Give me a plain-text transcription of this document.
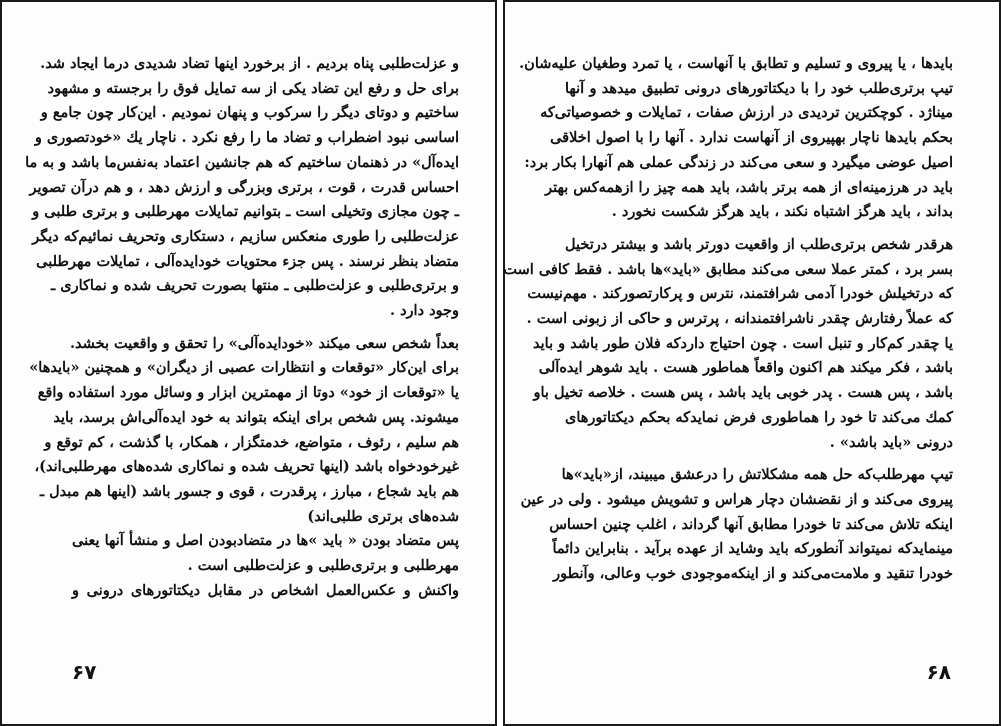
و عزلت‌طلبی پناه بردیم . از برخورد اینها تضاد شدیدی درما ایجاد شد.
برای حل و رفع این تضاد یکی از سه تمایل فوق را برجسته و مشهود
ساختیم و دوتای دیگر را سرکوب و پنهان نمودیم . این‌کار چون جامع و
اساسی نبود اضطراب و تضاد ما را رفع نکرد . ناچار یك «خودتصوری و
ایده‌آل» در ذهنمان ساختیم که هم جانشین اعتماد به‌نفس‌ما باشد و به ما
احساس قدرت ، قوت ، برتری وبزرگی و ارزش دهد ، و هم درآن تصویر
ـ چون مجازی وتخیلی است ـ بتوانیم تمایلات مهرطلبی و برتری طلبی و
عزلت‌طلبی را طوری منعکس سازیم ، دستکاری وتحریف نمائیم‌که دیگر
متضاد بنظر نرسند . پس جزء محتویات خودایده‌آلی ، تمایلات مهرطلبی
و برتری‌طلبی و عزلت‌طلبی ـ منتها بصورت تحریف شده و نماکاری ـ
وجود دارد .
بعداً شخص سعی میکند «خودایده‌آلی» را تحقق و واقعیت بخشد.
برای این‌کار «توقعات و انتظارات عصبی از دیگران» و همچنین «بایدها»
یا «توقعات از خود» دوتا از مهمترین ابزار و وسائل مورد استفاده واقع
میشوند. پس شخص برای اینکه بتواند به خود ایده‌آلی‌اش برسد، باید
هم سلیم ، رئوف ، متواضع، خدمتگزار ، همکار، با گذشت ، کم توقع و
غیرخودخواه باشد (اینها تحریف شده و نماکاری شده‌های مهرطلبی‌اند)،
هم باید شجاع ، مبارز ، پرقدرت ، قوی و جسور باشد (اینها هم مبدل ـ
شده‌های برتری طلبی‌اند)
پس متضاد بودن « باید »ها در متضادبودن اصل و منشأ آنها یعنی
مهرطلبی و برتری‌طلبی و عزلت‌طلبی است .
واکنش و عکس‌العمل اشخاص در مقابل دیکتاتورهای درونی و
۶۷
بایدها ، یا پیروی و تسلیم و تطابق با آنهاست ، یا تمرد وطغیان علیه‌شان.
تیپ برتری‌طلب خود را با دیکتاتورهای درونی تطبیق میدهد و آنها
میناژد . کوچکترین تردیدی در ارزش صفات ، تمایلات و خصوصیاتی‌که
بحکم بایدها ناچار بهپیروی از آنهاست ندارد . آنها را با اصول اخلاقی
اصیل عوضی میگیرد و سعی می‌کند در زندگی عملی هم آنهارا بکار برد:
باید در هرزمینه‌ای از همه برتر باشد، باید همه چیز را ازهمه‌کس بهتر
بداند ، باید هرگز اشتباه نکند ، باید هرگز شکست نخورد .
هرقدر شخص برتری‌طلب از واقعیت دورتر باشد و بیشتر درتخیل
بسر برد ، کمتر عملا سعی می‌کند مطابق «باید»ها باشد . فقط کافی است
که درتخیلش خودرا آدمی شرافتمند، نترس و پرکارتصورکند . مهم‌نیست
که عملاً رفتارش چقدر ناشرافتمندانه ، پرترس و حاکی از زبونی است .
یا چقدر کم‌کار و تنبل است . چون احتیاج دارد‌که فلان طور باشد و باید
باشد ، فکر میکند هم اکنون واقعاً هماطور هست . باید شوهر ایده‌آلی
باشد ، پس هست . پدر خوبی باید باشد ، پس هست . خلاصه تخیل باو
کمك می‌کند تا خود را هماطوری فرض نماید‌که بحکم دیکتاتورهای
درونی «باید باشد» .
تیپ مهرطلب‌که حل همه مشکلاتش را درعشق میبیند، از«باید»ها
پیروی می‌کند و از نقضشان دچار هراس و تشویش میشود . ولی در عین
اینکه تلاش می‌کند تا خودرا مطابق آنها گرداند ، اغلب چنین احساس
مینماید‌که نمیتواند آنطورکه باید وشاید از عهده برآید . بنابراین دائماً
خودرا تنقید و ملامت‌می‌کند و از اینکه‌موجودی خوب وعالی، وآنطور
۶۸
